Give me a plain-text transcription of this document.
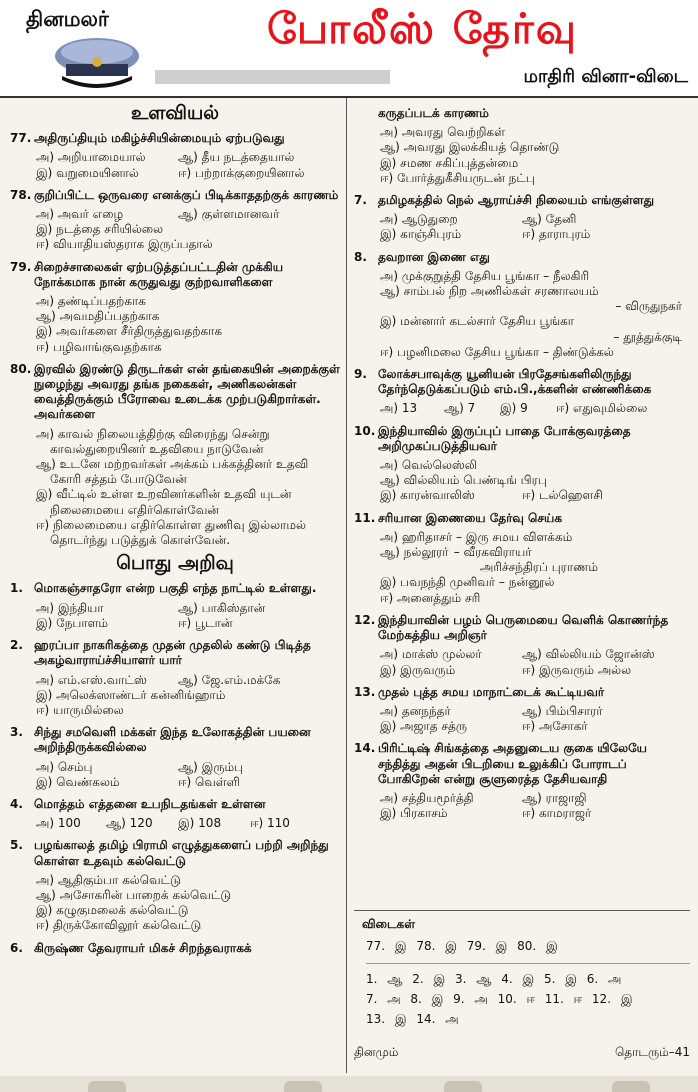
தினமலர்	போலீஸ் தேர்வு
மாதிரி வினா-விடை
உளவியல்
77. அதிருப்தியும் மகிழ்ச்சியின்மையும் ஏற்படுவது
அ) அறியாமையால்	ஆ) தீய நடத்தையால்
இ) வறுமையினால்	ஈ) பற்றாக்குறையினால்
78. குறிப்பிட்ட ஒருவரை எனக்குப் பிடிக்காததற்குக் காரணம்
அ) அவர் எழை	ஆ) குள்ளமானவர்
இ) நடத்தை சரியில்லை
ஈ) வியாதியஸ்தராக இருப்பதால்
79. சிறைச்சாலைகள் ஏற்படுத்தப்பட்டதின் முக்கிய நோக்கமாக நான் கருதுவது குற்றவாளிகளை
அ) தண்டிப்பதற்காக
ஆ) அவமதிப்பதற்காக
இ) அவர்களை சீர்திருத்துவதற்காக
ஈ) பழிவாங்குவதற்காக
80. இரவில் இரண்டு திருடர்கள் என் தங்கையின் அறைக்குள் நுழைந்து அவரது தங்க நகைகள், அணிகலன்கள் வைத்திருக்கும் பீரோவை உடைக்க முற்படுகிறார்கள். அவர்களை
அ) காவல் நிலையத்திற்கு விரைந்து சென்று காவல்துறையினர் உதவியை நாடுவேன்
ஆ) உடனே மற்றவர்கள் அக்கம் பக்கத்தினர் உதவி கோரி சத்தம் போடுவேன்
இ) வீட்டில் உள்ள உறவினர்களின் உதவி யுடன் நிலைமையை எதிர்கொள்வேன்
ஈ) நிலைமையை எதிர்கொள்ள துணிவு இல்லாமல் தொடர்ந்து படுத்துக் கொள்வேன்.
பொது அறிவு
1. மொகஞ்சாதரோ என்ற பகுதி எந்த நாட்டில் உள்ளது.
அ) இந்தியா	ஆ) பாகிஸ்தான்
இ) நேபாளம்	ஈ) பூடான்
2. ஹரப்பா நாகரிகத்தை முதன் முதலில் கண்டு பிடித்த அகழ்வாராய்ச்சியாளர் யார்
அ) எம்.எஸ்.வாட்ஸ்	ஆ) ஜே.எம்.மக்கே
இ) அலெக்ஸாண்டர் கன்னிங்ஹாம்
ஈ) யாருமில்லை
3. சிந்து சமவெளி மக்கள் இந்த உலோகத்தின் பயனை அறிந்திருக்கவில்லை
அ) செம்பு	ஆ) இரும்பு
இ) வெண்கலம்	ஈ) வெள்ளி
4. மொத்தம் எத்தனை உபநிடதங்கள் உள்ளன
அ) 100	ஆ) 120	இ) 108	ஈ) 110
5. பழங்காலத் தமிழ் பிராமி எழுத்துகளைப் பற்றி அறிந்து கொள்ள உதவும் கல்வெட்டு
அ) ஆதிகும்பா கல்வெட்டு
ஆ) அசோகரின் பாறைக் கல்வெட்டு
இ) கழுகுமலைக் கல்வெட்டு
ஈ) திருக்கோவிலூர் கல்வெட்டு
6. கிருஷ்ண தேவராயர் மிகச் சிறந்தவராகக்
கருதப்படக் காரணம்
அ) அவரது வெற்றிகள்
ஆ) அவரது இலக்கியத் தொண்டு
இ) சமண சகிப்புத்தன்மை
ஈ) போர்த்துகீசியருடன் நட்பு
7. தமிழகத்தில் நெல் ஆராய்ச்சி நிலையம் எங்குள்ளது
அ) ஆடுதுறை	ஆ) தேனி
இ) காஞ்சிபுரம்	ஈ) தாராபுரம்
8. தவறான இணை எது
அ) முக்குறுத்தி தேசிய பூங்கா – நீலகிரி
ஆ) சாம்பல் நிற அணில்கள் சரணாலயம்
– விருதுநகர்
இ) மன்னார் கடல்சார் தேசிய பூங்கா
– தூத்துக்குடி
ஈ) பழனிமலை தேசிய பூங்கா – திண்டுக்கல்
9. லோக்சபாவுக்கு யூனியன் பிரதேசங்களிலிருந்து தேர்ந்தெடுக்கப்படும் எம்.பி.,க்களின் எண்ணிக்கை
அ) 13	ஆ) 7	இ) 9	ஈ) எதுவுமில்லை
10. இந்தியாவில் இருப்புப் பாதை போக்குவரத்தை அறிமுகப்படுத்தியவர்
அ) வெல்லெஸ்லி
ஆ) வில்லியம் பெண்டிங் பிரபு
இ) காரன்வாலிஸ்	ஈ) டல்ஹௌசி
11. சரியான இணையை தேர்வு செய்க
அ) ஹரிதாசர் – இரு சமய விளக்கம்
ஆ) நல்லூரா் – வீரகவிராயர்
அரிச்சந்திரப் புராணம்
இ) பவநந்தி முனிவர் – நன்னூல்
ஈ) அனைத்தும் சரி
12. இந்தியாவின் பழம் பெருமையை வெளிக் கொணர்ந்த மேற்கத்திய அறிஞர்
அ) மாக்ஸ் முல்லர்	ஆ) வில்லியம் ஜோன்ஸ்
இ) இருவரும்	ஈ) இருவரும் அல்ல
13. முதல் புத்த சமய மாநாட்டைக் கூட்டியவர்
அ) தனநந்தர்	ஆ) பிம்பிசாரர்
இ) அஜாத சத்ரு	ஈ) அசோகர்
14. பிரிட்டிஷ் சிங்கத்தை அதனுடைய குகை யிலேயே சந்தித்து அதன் பிடறியை உலுக்கிப் போராடப் போகிறேன் என்று சூளுரைத்த தேசியவாதி
அ) சத்தியமூர்த்தி	ஆ) ராஜாஜி
இ) பிரகாசம்	ஈ) காமராஜர்
விடைகள்
77. இ 78. இ 79. இ 80. இ
1. ஆ 2. இ 3. ஆ 4. இ 5. இ 6. அ
7. அ 8. இ 9. அ 10. ஈ 11. ஈ 12. இ
13. இ 14. அ
தினமும்	தொடரும்–41
